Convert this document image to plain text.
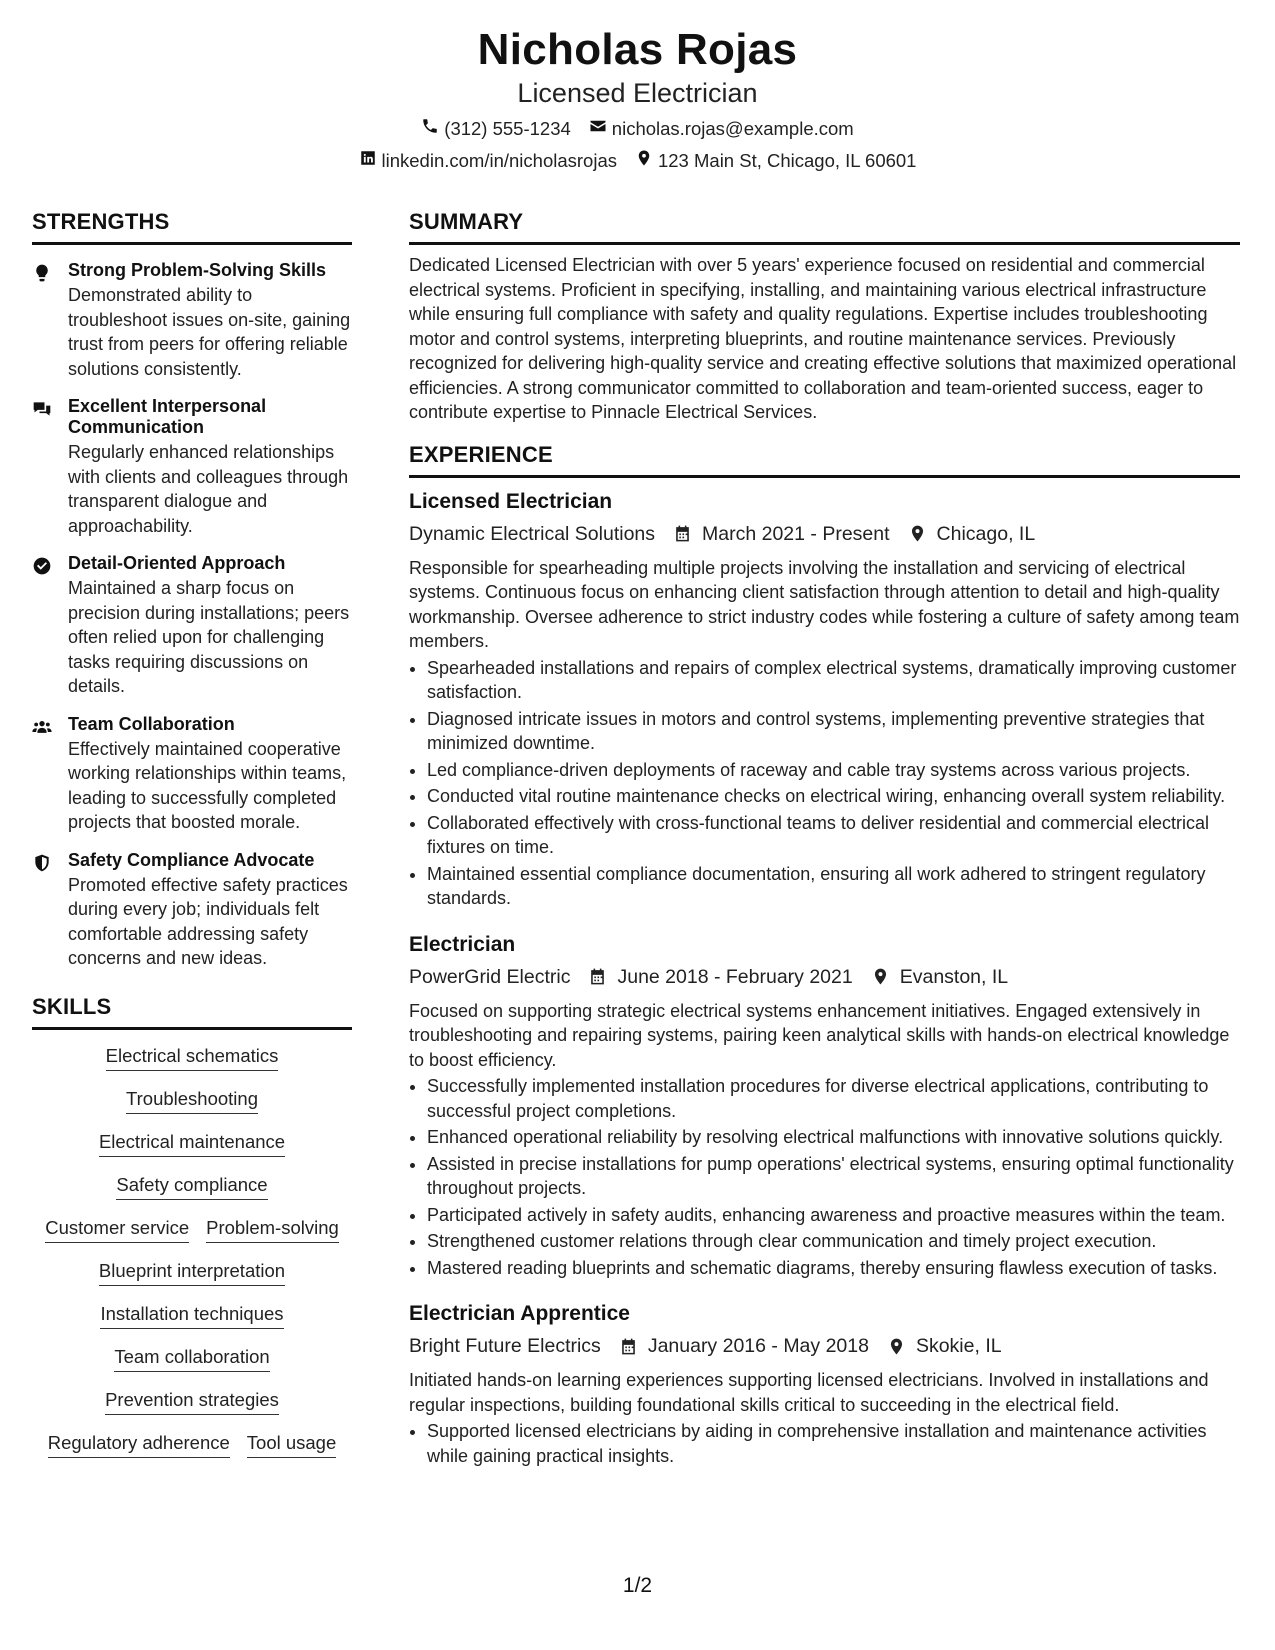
Nicholas Rojas
Licensed Electrician
(312) 555-1234 nicholas.rojas@example.com
linkedin.com/in/nicholasrojas 123 Main St, Chicago, IL 60601
STRENGTHS
Strong Problem-Solving Skills
Demonstrated ability to troubleshoot issues on-site, gaining trust from peers for offering reliable solutions consistently.
Excellent Interpersonal Communication
Regularly enhanced relationships with clients and colleagues through transparent dialogue and approachability.
Detail-Oriented Approach
Maintained a sharp focus on precision during installations; peers often relied upon for challenging tasks requiring discussions on details.
Team Collaboration
Effectively maintained cooperative working relationships within teams, leading to successfully completed projects that boosted morale.
Safety Compliance Advocate
Promoted effective safety practices during every job; individuals felt comfortable addressing safety concerns and new ideas.
SKILLS
Electrical schematics
Troubleshooting
Electrical maintenance
Safety compliance
Customer service Problem-solving
Blueprint interpretation
Installation techniques
Team collaboration
Prevention strategies
Regulatory adherence Tool usage
SUMMARY
Dedicated Licensed Electrician with over 5 years' experience focused on residential and commercial electrical systems. Proficient in specifying, installing, and maintaining various electrical infrastructure while ensuring full compliance with safety and quality regulations. Expertise includes troubleshooting motor and control systems, interpreting blueprints, and routine maintenance services. Previously recognized for delivering high-quality service and creating effective solutions that maximized operational efficiencies. A strong communicator committed to collaboration and team-oriented success, eager to contribute expertise to Pinnacle Electrical Services.
EXPERIENCE
Licensed Electrician
Dynamic Electrical Solutions March 2021 - Present Chicago, IL
Responsible for spearheading multiple projects involving the installation and servicing of electrical systems. Continuous focus on enhancing client satisfaction through attention to detail and high-quality workmanship. Oversee adherence to strict industry codes while fostering a culture of safety among team members.
• Spearheaded installations and repairs of complex electrical systems, dramatically improving customer satisfaction.
• Diagnosed intricate issues in motors and control systems, implementing preventive strategies that minimized downtime.
• Led compliance-driven deployments of raceway and cable tray systems across various projects.
• Conducted vital routine maintenance checks on electrical wiring, enhancing overall system reliability.
• Collaborated effectively with cross-functional teams to deliver residential and commercial electrical fixtures on time.
• Maintained essential compliance documentation, ensuring all work adhered to stringent regulatory standards.
Electrician
PowerGrid Electric June 2018 - February 2021 Evanston, IL
Focused on supporting strategic electrical systems enhancement initiatives. Engaged extensively in troubleshooting and repairing systems, pairing keen analytical skills with hands-on electrical knowledge to boost efficiency.
• Successfully implemented installation procedures for diverse electrical applications, contributing to successful project completions.
• Enhanced operational reliability by resolving electrical malfunctions with innovative solutions quickly.
• Assisted in precise installations for pump operations' electrical systems, ensuring optimal functionality throughout projects.
• Participated actively in safety audits, enhancing awareness and proactive measures within the team.
• Strengthened customer relations through clear communication and timely project execution.
• Mastered reading blueprints and schematic diagrams, thereby ensuring flawless execution of tasks.
Electrician Apprentice
Bright Future Electrics January 2016 - May 2018 Skokie, IL
Initiated hands-on learning experiences supporting licensed electricians. Involved in installations and regular inspections, building foundational skills critical to succeeding in the electrical field.
• Supported licensed electricians by aiding in comprehensive installation and maintenance activities while gaining practical insights.
1/2
